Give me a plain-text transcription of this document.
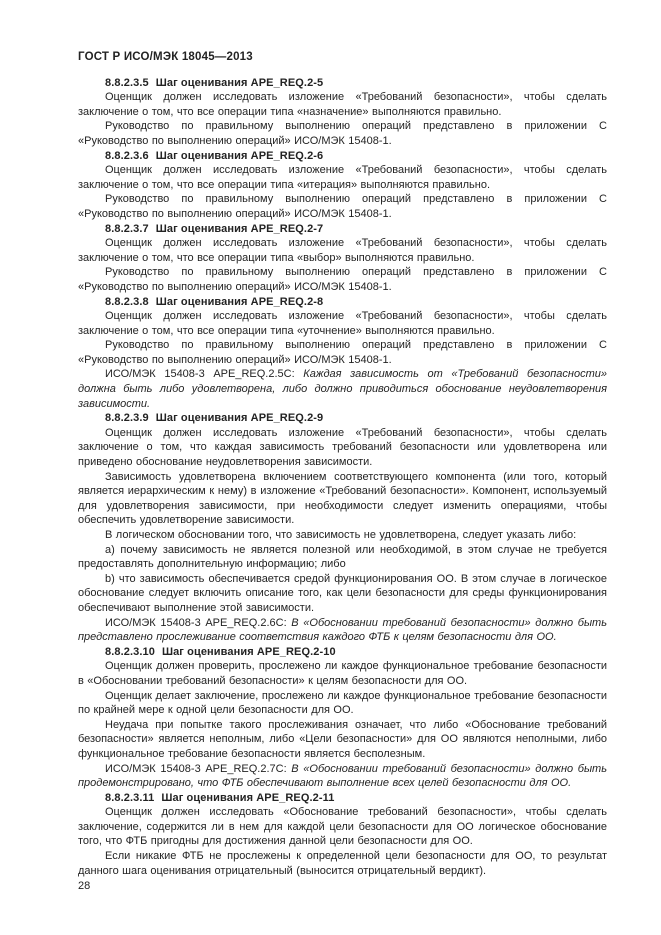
ГОСТ Р ИСО/МЭК 18045—2013
8.8.2.3.5 Шаг оценивания APE_REQ.2-5

Оценщик должен исследовать изложение «Требований безопасности», чтобы сделать заключение о том, что все операции типа «назначение» выполняются правильно.

Руководство по правильному выполнению операций представлено в приложении С «Руководство по выполнению операций» ИСО/МЭК 15408-1.

8.8.2.3.6 Шаг оценивания APE_REQ.2-6

Оценщик должен исследовать изложение «Требований безопасности», чтобы сделать заключение о том, что все операции типа «итерация» выполняются правильно.

Руководство по правильному выполнению операций представлено в приложении С «Руководство по выполнению операций» ИСО/МЭК 15408-1.

8.8.2.3.7 Шаг оценивания APE_REQ.2-7

Оценщик должен исследовать изложение «Требований безопасности», чтобы сделать заключение о том, что все операции типа «выбор» выполняются правильно.

Руководство по правильному выполнению операций представлено в приложении С «Руководство по выполнению операций» ИСО/МЭК 15408-1.

8.8.2.3.8 Шаг оценивания APE_REQ.2-8

Оценщик должен исследовать изложение «Требований безопасности», чтобы сделать заключение о том, что все операции типа «уточнение» выполняются правильно.

Руководство по правильному выполнению операций представлено в приложении С «Руководство по выполнению операций» ИСО/МЭК 15408-1.

ИСО/МЭК 15408-3 APE_REQ.2.5C: Каждая зависимость от «Требований безопасности» должна быть либо удовлетворена, либо должно приводиться обоснование неудовлетворения зависимости.

8.8.2.3.9 Шаг оценивания APE_REQ.2-9

Оценщик должен исследовать изложение «Требований безопасности», чтобы сделать заключение о том, что каждая зависимость требований безопасности или удовлетворена или приведено обоснование неудовлетворения зависимости.

Зависимость удовлетворена включением соответствующего компонента (или того, который является иерархическим к нему) в изложение «Требований безопасности». Компонент, используемый для удовлетворения зависимости, при необходимости следует изменить операциями, чтобы обеспечить удовлетворение зависимости.

В логическом обосновании того, что зависимость не удовлетворена, следует указать либо:

a) почему зависимость не является полезной или необходимой, в этом случае не требуется предоставлять дополнительную информацию; либо

b) что зависимость обеспечивается средой функционирования ОО. В этом случае в логическое обоснование следует включить описание того, как цели безопасности для среды функционирования обеспечивают выполнение этой зависимости.

ИСО/МЭК 15408-3 APE_REQ.2.6C: В «Обосновании требований безопасности» должно быть представлено прослеживание соответствия каждого ФТБ к целям безопасности для ОО.

8.8.2.3.10 Шаг оценивания APE_REQ.2-10

Оценщик должен проверить, прослежено ли каждое функциональное требование безопасности в «Обосновании требований безопасности» к целям безопасности для ОО.

Оценщик делает заключение, прослежено ли каждое функциональное требование безопасности по крайней мере к одной цели безопасности для ОО.

Неудача при попытке такого прослеживания означает, что либо «Обоснование требований безопасности» является неполным, либо «Цели безопасности» для ОО являются неполными, либо функциональное требование безопасности является бесполезным.

ИСО/МЭК 15408-3 APE_REQ.2.7C: В «Обосновании требований безопасности» должно быть продемонстрировано, что ФТБ обеспечивают выполнение всех целей безопасности для ОО.

8.8.2.3.11 Шаг оценивания APE_REQ.2-11

Оценщик должен исследовать «Обоснование требований безопасности», чтобы сделать заключение, содержится ли в нем для каждой цели безопасности для ОО логическое обоснование того, что ФТБ пригодны для достижения данной цели безопасности для ОО.

Если никакие ФТБ не прослежены к определенной цели безопасности для ОО, то результат данного шага оценивания отрицательный (выносится отрицательный вердикт).

28
